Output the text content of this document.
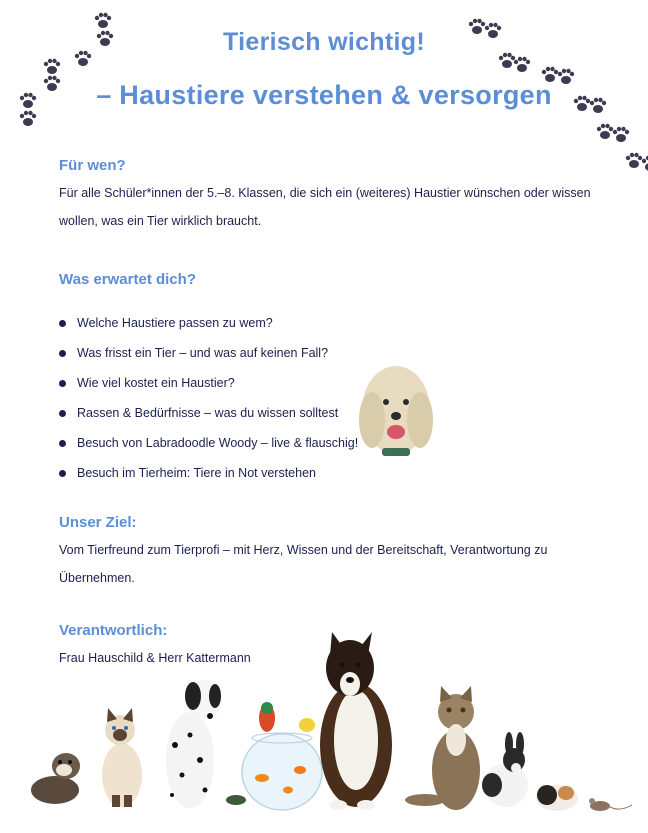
Tierisch wichtig!
– Haustiere verstehen & versorgen
Für wen?
Für alle Schüler*innen der 5.–8. Klassen, die sich ein (weiteres) Haustier wünschen oder wissen wollen, was ein Tier wirklich braucht.
Was erwartet dich?
Welche Haustiere passen zu wem?
Was frisst ein Tier – und was auf keinen Fall?
Wie viel kostet ein Haustier?
Rassen & Bedürfnisse – was du wissen solltest
Besuch von Labradoodle Woody – live & flauschig!
Besuch im Tierheim: Tiere in Not verstehen
Unser Ziel:
Vom Tierfreund zum Tierprofi – mit Herz, Wissen und der Bereitschaft, Verantwortung zu Übernehmen.
Verantwortlich:
Frau Hauschild & Herr Kattermann
